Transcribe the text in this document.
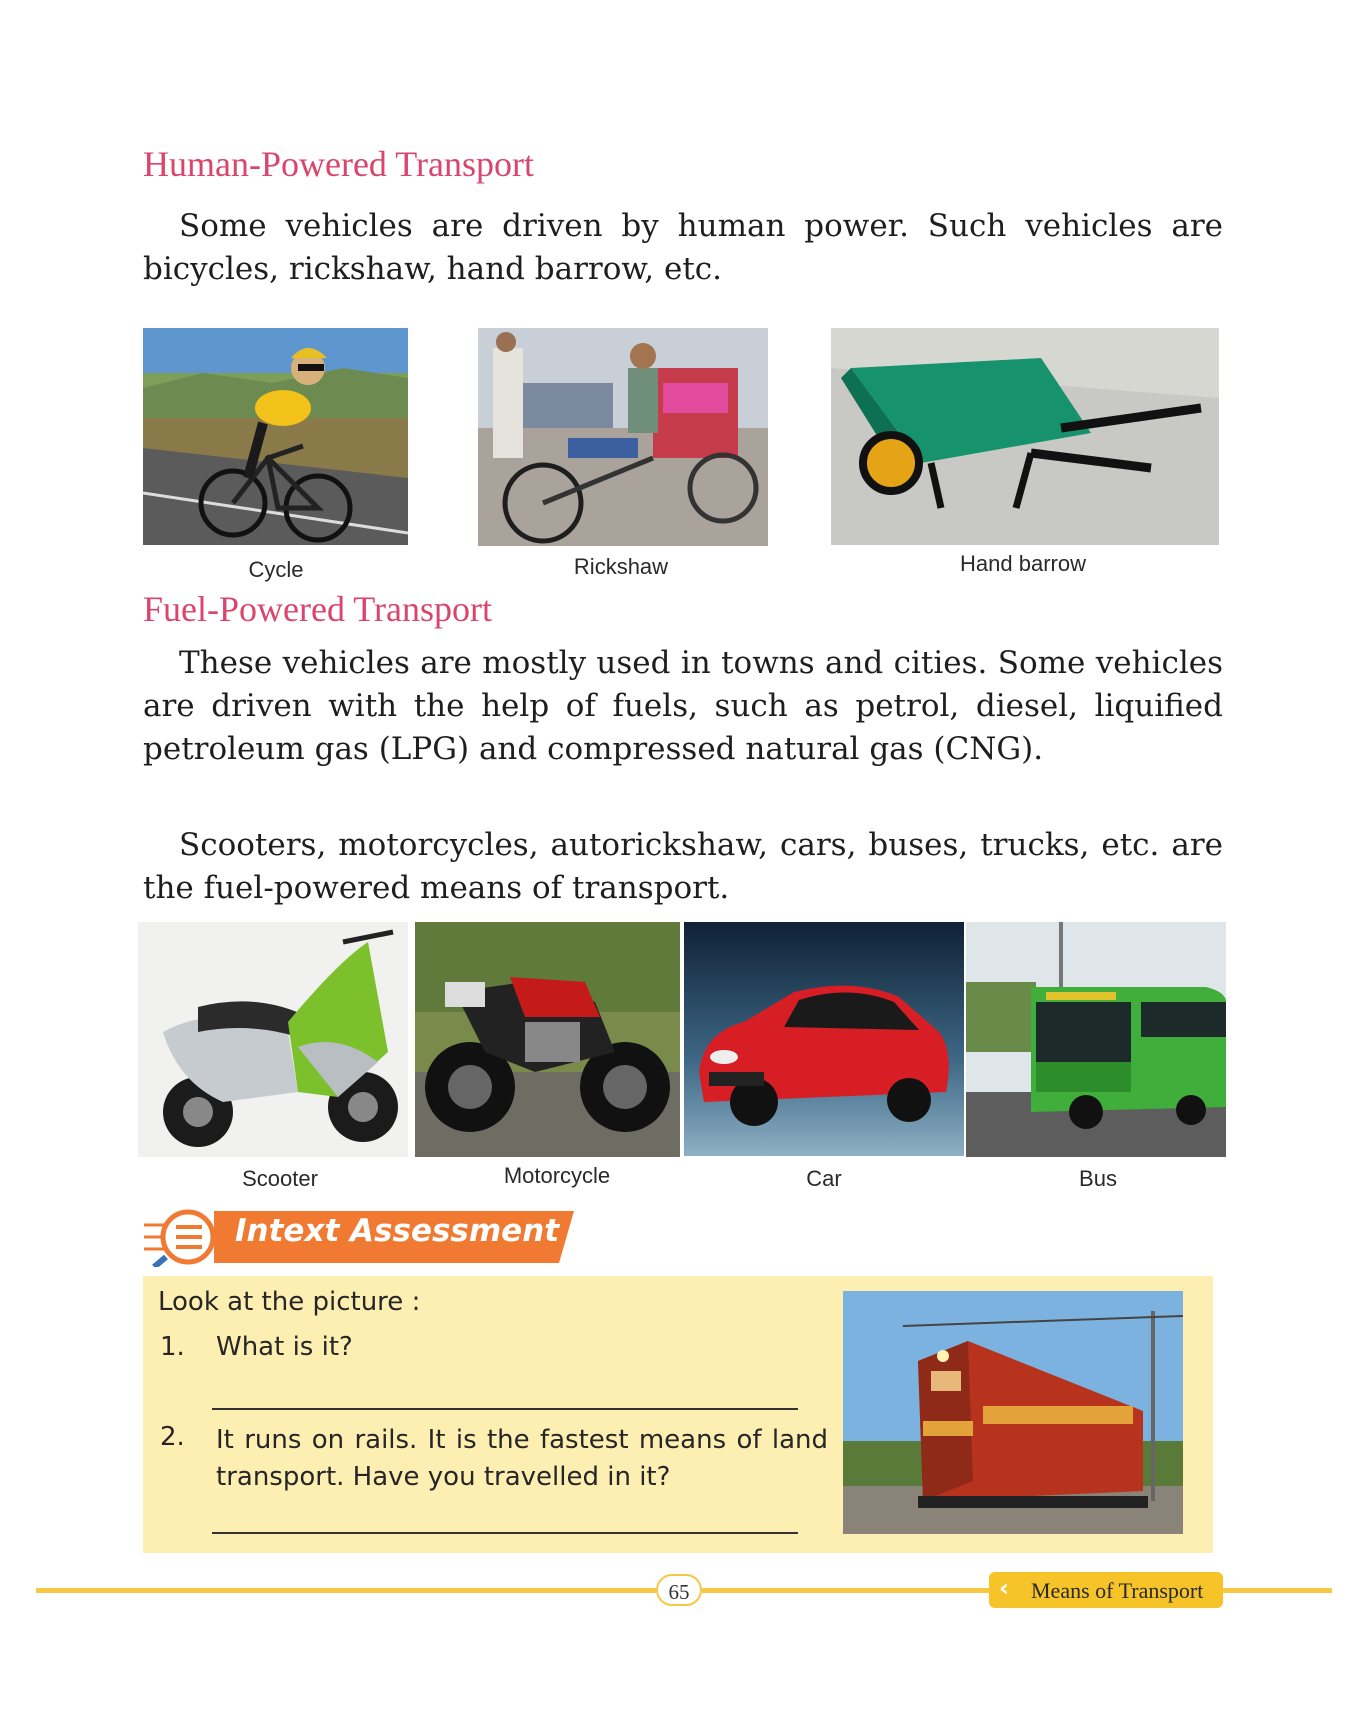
Human-Powered Transport

Some vehicles are driven by human power. Such vehicles are bicycles, rickshaw, hand barrow, etc.

Cycle	Rickshaw	Hand barrow
Fuel-Powered Transport

These vehicles are mostly used in towns and cities. Some vehicles are driven with the help of fuels, such as petrol, diesel, liquified petroleum gas (LPG) and compressed natural gas (CNG).

Scooters, motorcycles, autorickshaw, cars, buses, trucks, etc. are the fuel-powered means of transport.

Scooter	Motorcycle	Car	Bus
Intext Assessment

Look at the picture :

1. What is it?

2. It runs on rails. It is the fastest means of land transport. Have you travelled in it?

65	‹ Means of Transport
